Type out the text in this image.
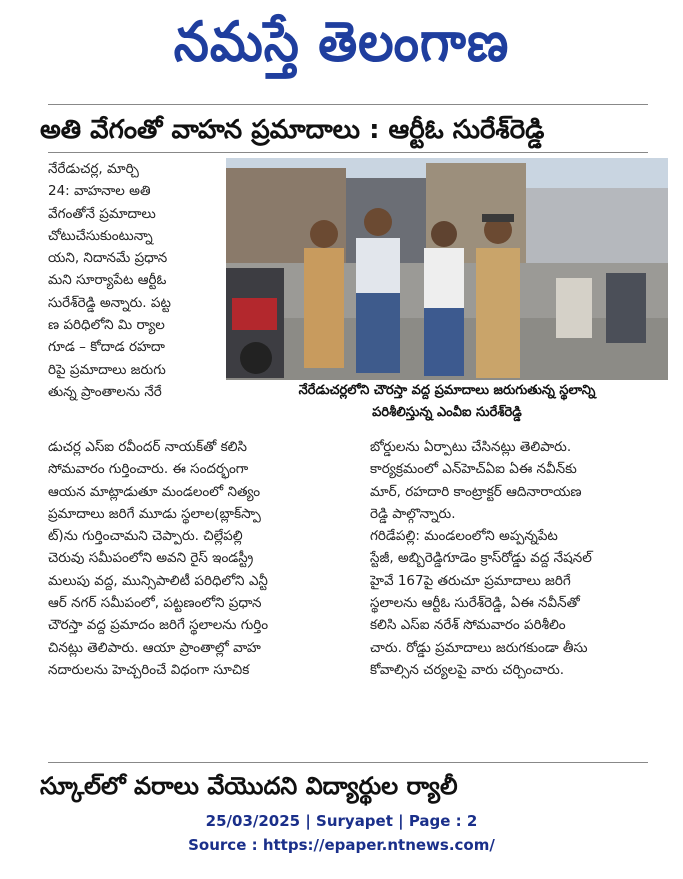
నమస్తే తెలంగాణ
అతి వేగంతో వాహన ప్రమాదాలు : ఆర్టీఓ సురేశ్‌రెడ్డి
నేరేడుచర్ల, మార్చి
24: వాహనాల అతి
వేగంతోనే ప్రమాదాలు
చోటుచేసుకుంటున్నా
యని, నిదానమే ప్రధాన
మని సూర్యాపేట ఆర్టీఓ
సురేశ్‌రెడ్డి అన్నారు. పట్ట
ణ పరిధిలోని మి ర్యాల
గూడ – కోదాడ రహదా
రిపై ప్రమాదాలు జరుగు
తున్న ప్రాంతాలను నేరే	నేరేడుచర్లలోని చౌరస్తా వద్ద ప్రమాదాలు జరుగుతున్న స్థలాన్ని
పరిశీలిస్తున్న ఎంవీఐ సురేశ్‌రెడ్డి
డుచర్ల ఎస్ఐ రవీందర్ నాయక్‌తో కలిసి
సోమవారం గుర్తించారు. ఈ సందర్భంగా
ఆయన మాట్లాడుతూ మండలంలో నిత్యం
ప్రమాదాలు జరిగే మూడు స్థలాల(బ్లాక్‌స్పా
ట్)ను గుర్తించామని చెప్పారు. చిల్లేపల్లి
చెరువు సమీపంలోని అవని రైస్ ఇండస్ట్రీ
మలుపు వద్ద, మున్సిపాలిటీ పరిధిలోని ఎన్టీ
ఆర్ నగర్ సమీపంలో, పట్టణంలోని ప్రధాన
చౌరస్తా వద్ద ప్రమాదం జరిగే స్థలాలను గుర్తిం
చినట్లు తెలిపారు. ఆయా ప్రాంతాల్లో వాహ
నదారులను హెచ్చరించే విధంగా సూచిక
బోర్డులను ఏర్పాటు చేసినట్లు తెలిపారు.
కార్యక్రమంలో ఎన్‌హెచ్‌ఏఐ ఏఈ నవీన్‌కు
మార్, రహదారి కాంట్రాక్టర్ ఆదినారాయణ
రెడ్డి పాల్గొన్నారు.
గరిడేపల్లి: మండలంలోని అప్పన్నపేట
స్టేజీ, అబ్బిరెడ్డిగూడెం క్రాస్‌రోడ్డు వద్ద నేషనల్
హైవే 167పై తరుచూ ప్రమాదాలు జరిగే
స్థలాలను ఆర్టీఓ సురేశ్‌రెడ్డి, ఏఈ నవీన్‌తో
కలిసి ఎస్ఐ నరేశ్ సోమవారం పరిశీలిం
చారు. రోడ్డు ప్రమాదాలు జరుగకుండా తీసు
కోవాల్సిన చర్యలపై వారు చర్చించారు.
స్కూల్‌లో వరాలు వేయొదని విద్యార్థుల ర్యాలీ
25/03/2025 | Suryapet | Page : 2
Source : https://epaper.ntnews.com/
